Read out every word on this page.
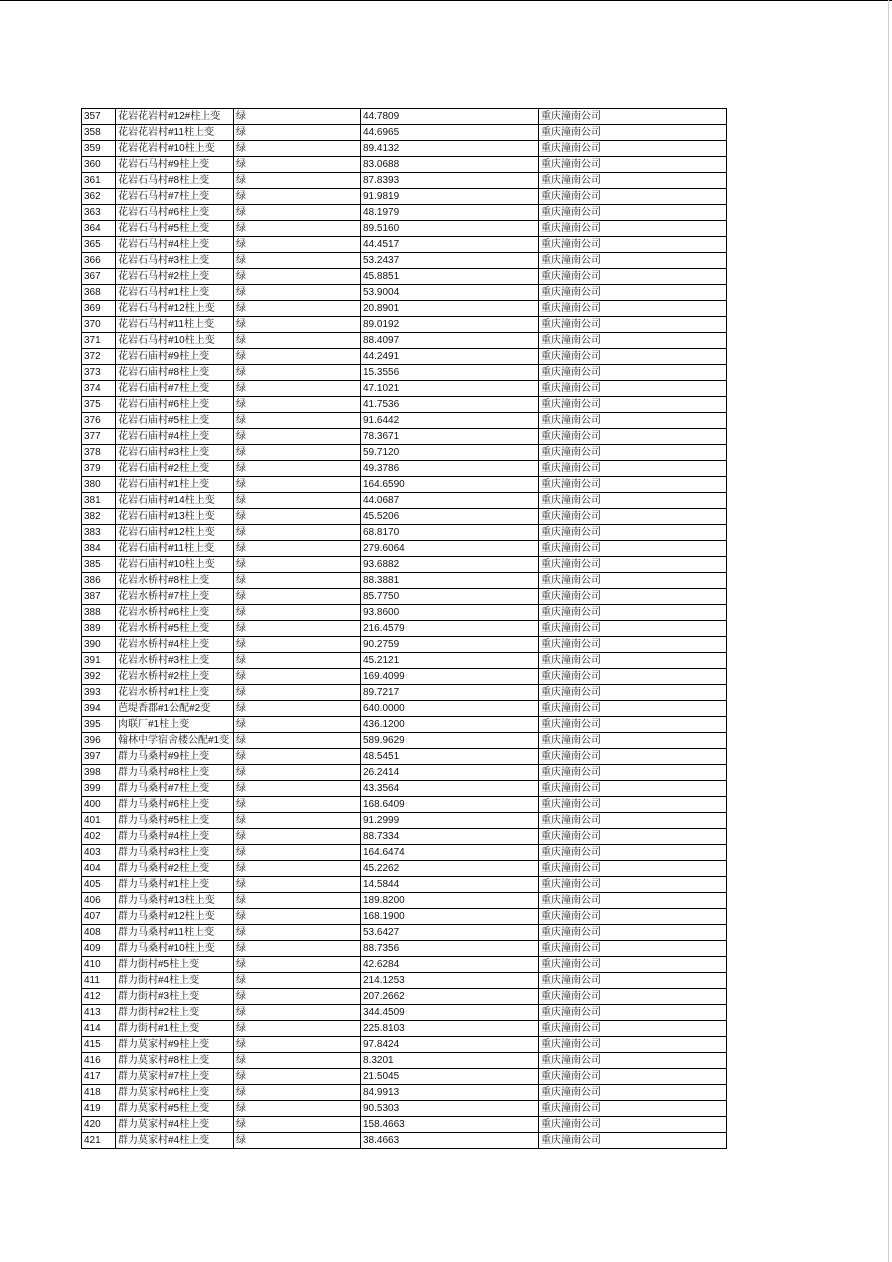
357	花岩花岩村#12#柱上变	绿	44.7809	重庆潼南公司
358	花岩花岩村#11柱上变	绿	44.6965	重庆潼南公司
359	花岩花岩村#10柱上变	绿	89.4132	重庆潼南公司
360	花岩石马村#9柱上变	绿	83.0688	重庆潼南公司
361	花岩石马村#8柱上变	绿	87.8393	重庆潼南公司
362	花岩石马村#7柱上变	绿	91.9819	重庆潼南公司
363	花岩石马村#6柱上变	绿	48.1979	重庆潼南公司
364	花岩石马村#5柱上变	绿	89.5160	重庆潼南公司
365	花岩石马村#4柱上变	绿	44.4517	重庆潼南公司
366	花岩石马村#3柱上变	绿	53.2437	重庆潼南公司
367	花岩石马村#2柱上变	绿	45.8851	重庆潼南公司
368	花岩石马村#1柱上变	绿	53.9004	重庆潼南公司
369	花岩石马村#12柱上变	绿	20.8901	重庆潼南公司
370	花岩石马村#11柱上变	绿	89.0192	重庆潼南公司
371	花岩石马村#10柱上变	绿	88.4097	重庆潼南公司
372	花岩石庙村#9柱上变	绿	44.2491	重庆潼南公司
373	花岩石庙村#8柱上变	绿	15.3556	重庆潼南公司
374	花岩石庙村#7柱上变	绿	47.1021	重庆潼南公司
375	花岩石庙村#6柱上变	绿	41.7536	重庆潼南公司
376	花岩石庙村#5柱上变	绿	91.6442	重庆潼南公司
377	花岩石庙村#4柱上变	绿	78.3671	重庆潼南公司
378	花岩石庙村#3柱上变	绿	59.7120	重庆潼南公司
379	花岩石庙村#2柱上变	绿	49.3786	重庆潼南公司
380	花岩石庙村#1柱上变	绿	164.6590	重庆潼南公司
381	花岩石庙村#14柱上变	绿	44.0687	重庆潼南公司
382	花岩石庙村#13柱上变	绿	45.5206	重庆潼南公司
383	花岩石庙村#12柱上变	绿	68.8170	重庆潼南公司
384	花岩石庙村#11柱上变	绿	279.6064	重庆潼南公司
385	花岩石庙村#10柱上变	绿	93.6882	重庆潼南公司
386	花岩水桥村#8柱上变	绿	88.3881	重庆潼南公司
387	花岩水桥村#7柱上变	绿	85.7750	重庆潼南公司
388	花岩水桥村#6柱上变	绿	93.8600	重庆潼南公司
389	花岩水桥村#5柱上变	绿	216.4579	重庆潼南公司
390	花岩水桥村#4柱上变	绿	90.2759	重庆潼南公司
391	花岩水桥村#3柱上变	绿	45.2121	重庆潼南公司
392	花岩水桥村#2柱上变	绿	169.4099	重庆潼南公司
393	花岩水桥村#1柱上变	绿	89.7217	重庆潼南公司
394	芭堤香郡#1公配#2变	绿	640.0000	重庆潼南公司
395	肉联厂#1柱上变	绿	436.1200	重庆潼南公司
396	翰林中学宿舍楼公配#1变	绿	589.9629	重庆潼南公司
397	群力马桑村#9柱上变	绿	48.5451	重庆潼南公司
398	群力马桑村#8柱上变	绿	26.2414	重庆潼南公司
399	群力马桑村#7柱上变	绿	43.3564	重庆潼南公司
400	群力马桑村#6柱上变	绿	168.6409	重庆潼南公司
401	群力马桑村#5柱上变	绿	91.2999	重庆潼南公司
402	群力马桑村#4柱上变	绿	88.7334	重庆潼南公司
403	群力马桑村#3柱上变	绿	164.6474	重庆潼南公司
404	群力马桑村#2柱上变	绿	45.2262	重庆潼南公司
405	群力马桑村#1柱上变	绿	14.5844	重庆潼南公司
406	群力马桑村#13柱上变	绿	189.8200	重庆潼南公司
407	群力马桑村#12柱上变	绿	168.1900	重庆潼南公司
408	群力马桑村#11柱上变	绿	53.6427	重庆潼南公司
409	群力马桑村#10柱上变	绿	88.7356	重庆潼南公司
410	群力街村#5柱上变	绿	42.6284	重庆潼南公司
411	群力街村#4柱上变	绿	214.1253	重庆潼南公司
412	群力街村#3柱上变	绿	207.2662	重庆潼南公司
413	群力街村#2柱上变	绿	344.4509	重庆潼南公司
414	群力街村#1柱上变	绿	225.8103	重庆潼南公司
415	群力莫家村#9柱上变	绿	97.8424	重庆潼南公司
416	群力莫家村#8柱上变	绿	8.3201	重庆潼南公司
417	群力莫家村#7柱上变	绿	21.5045	重庆潼南公司
418	群力莫家村#6柱上变	绿	84.9913	重庆潼南公司
419	群力莫家村#5柱上变	绿	90.5303	重庆潼南公司
420	群力莫家村#4柱上变	绿	158.4663	重庆潼南公司
421	群力莫家村#4柱上变	绿	38.4663	重庆潼南公司
